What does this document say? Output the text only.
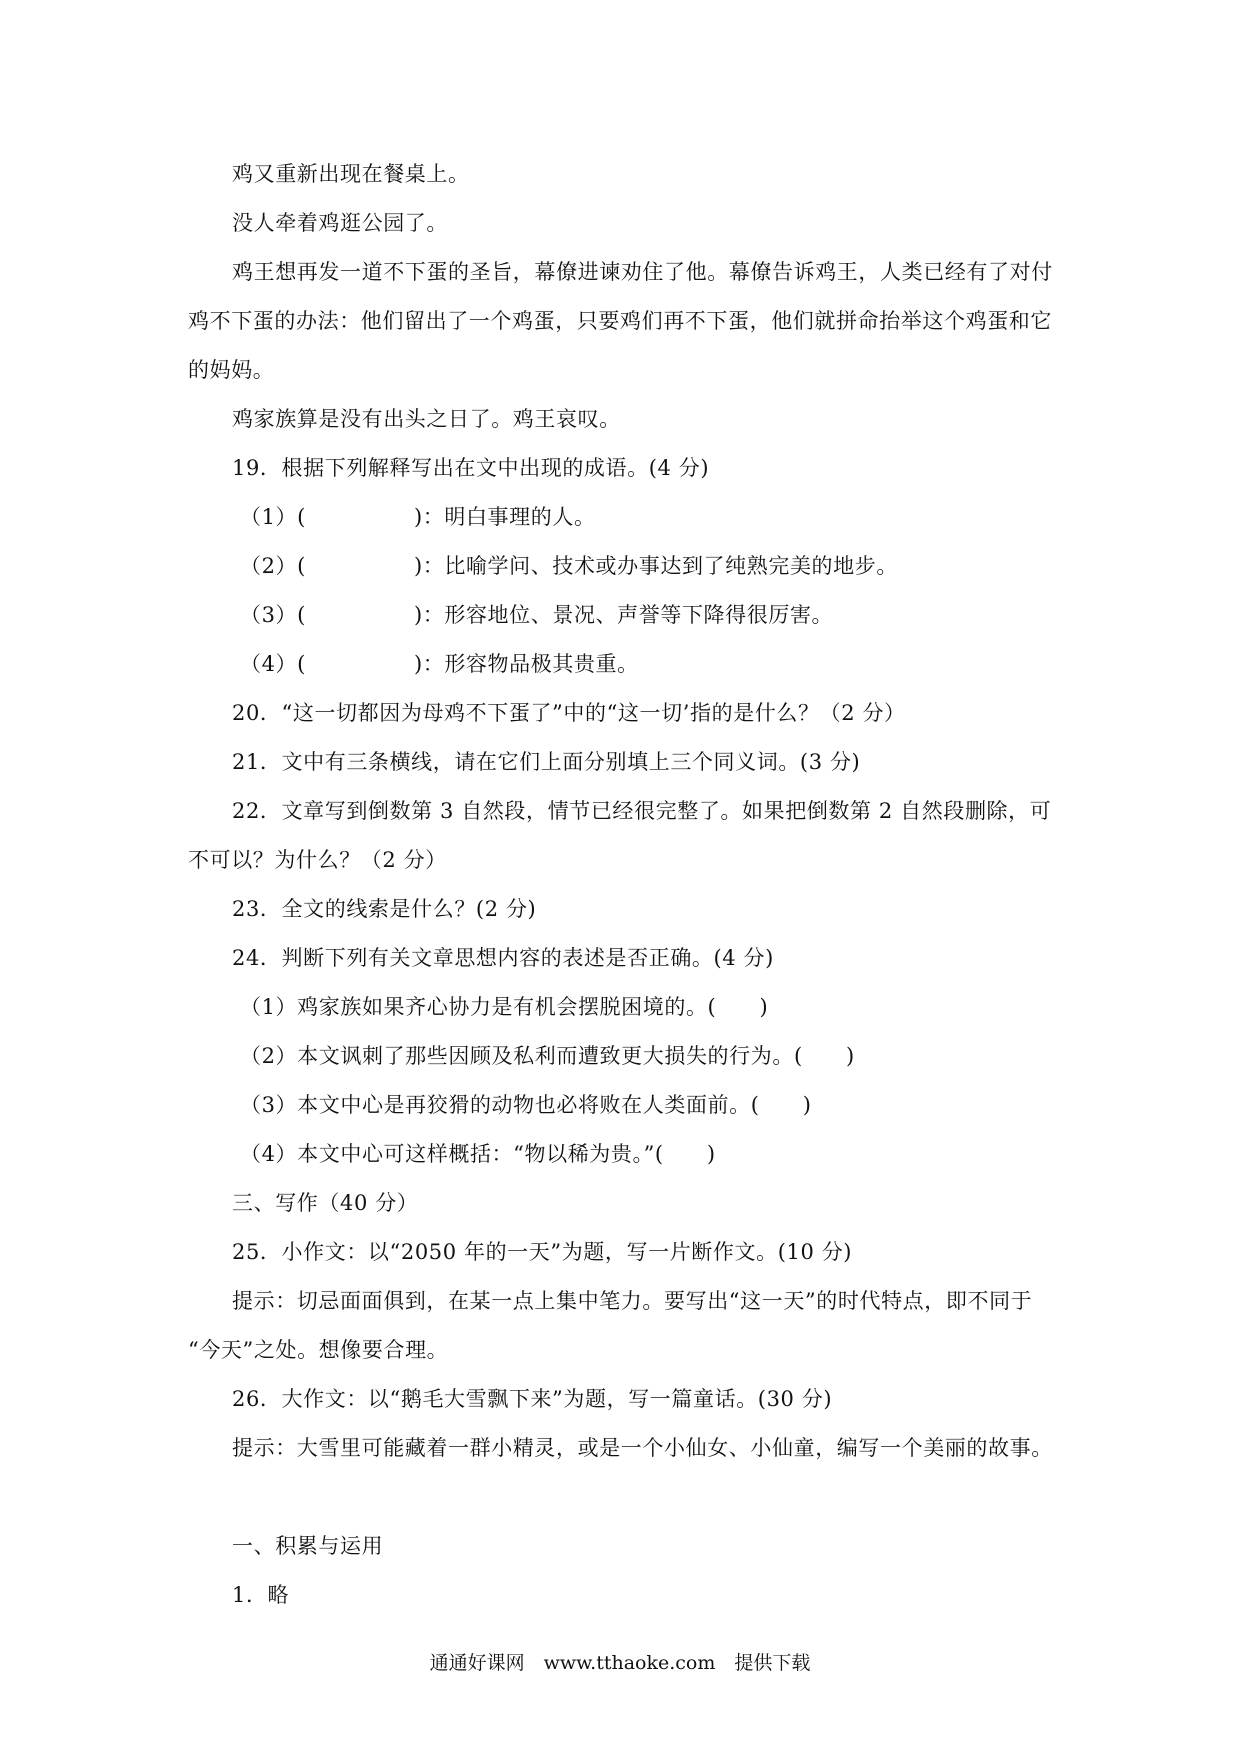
鸡又重新出现在餐桌上。
没人牵着鸡逛公园了。
鸡王想再发一道不下蛋的圣旨，幕僚进谏劝住了他。幕僚告诉鸡王，人类已经有了对付
鸡不下蛋的办法：他们留出了一个鸡蛋，只要鸡们再不下蛋，他们就拼命抬举这个鸡蛋和它
的妈妈。
鸡家族算是没有出头之日了。鸡王哀叹。
19．根据下列解释写出在文中出现的成语。(4 分)
（1）(　　　　　)：明白事理的人。
（2）(　　　　　)：比喻学问、技术或办事达到了纯熟完美的地步。
（3）(　　　　　)：形容地位、景况、声誉等下降得很厉害。
（4）(　　　　　)：形容物品极其贵重。
20．“这一切都因为母鸡不下蛋了”中的“这一切’指的是什么？（2 分）
21．文中有三条横线，请在它们上面分别填上三个同义词。(3 分)
22．文章写到倒数第 3 自然段，情节已经很完整了。如果把倒数第 2 自然段删除，可
不可以？为什么？（2 分）
23．全文的线索是什么？(2 分)
24．判断下列有关文章思想内容的表述是否正确。(4 分)
（1）鸡家族如果齐心协力是有机会摆脱困境的。(　　)
（2）本文讽刺了那些因顾及私利而遭致更大损失的行为。(　　)
（3）本文中心是再狡猾的动物也必将败在人类面前。(　　)
（4）本文中心可这样概括：“物以稀为贵。”(　　)
三、写作（40 分）
25．小作文：以“2050 年的一天”为题，写一片断作文。(10 分)
提示：切忌面面俱到，在某一点上集中笔力。要写出“这一天”的时代特点，即不同于
“今天”之处。想像要合理。
26．大作文：以“鹅毛大雪飘下来”为题，写一篇童话。(30 分)
提示：大雪里可能藏着一群小精灵，或是一个小仙女、小仙童，编写一个美丽的故事。
一、积累与运用
1．略
通通好课网　www.tthaoke.com　提供下载
